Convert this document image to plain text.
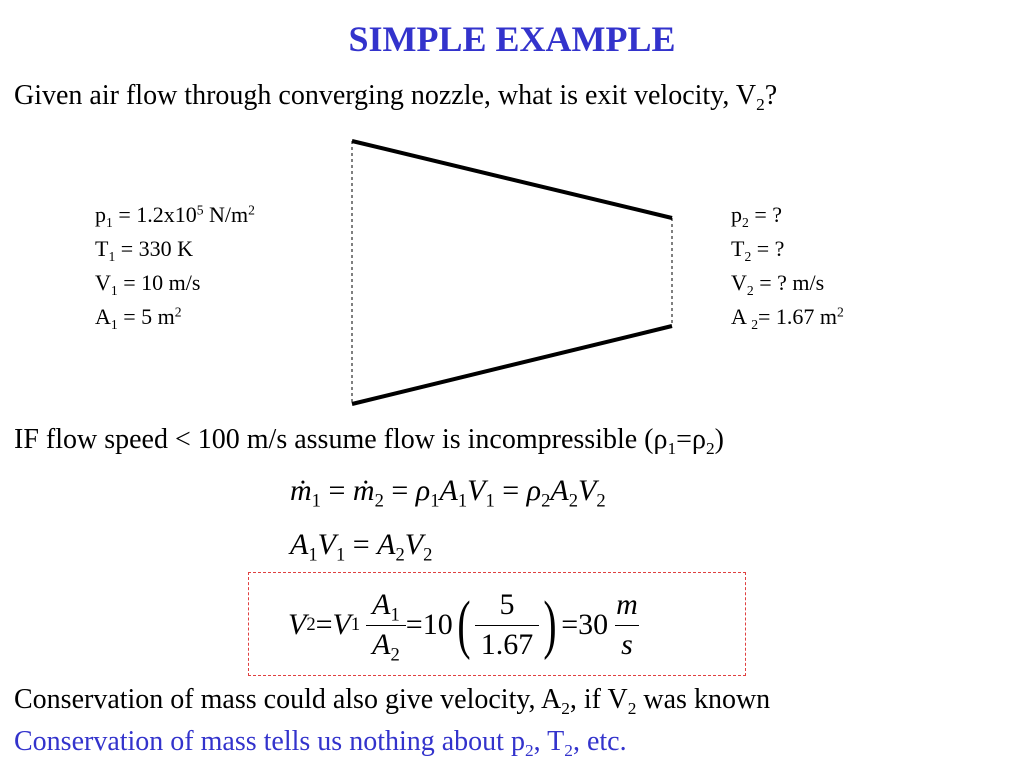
SIMPLE EXAMPLE
Given air flow through converging nozzle, what is exit velocity, $V_2$?
$p_1 = 1.2x10^5$ $N/m^2$
$T_1 = 330$ K
$V_1 = 10$ m/s
$A_1 = 5$ $m^2$
$p_2$ = ?
$T_2$ = ?
$V_2$ = ? m/s
A $_2$= 1.67 $m^2$
IF flow speed < 100 m/s assume flow is incompressible $(\rho_1=\rho_2)$
ṁ$_1$ = ṁ$_2$ = $\rho_1A_1V_1 = \rho_2A_2V_2$
$A_1V_1 = A_2V_2$
V 2 = V $1 \frac{A_1}{A_2} = 10$ ( $\frac{5}{1.67}$ ) = $30 \frac{m}{s}$
Conservation of mass could also give velocity, $A_2$, if $V_2$ was known
Conservation of mass tells us nothing about $p_2$, $T_2$, etc.
